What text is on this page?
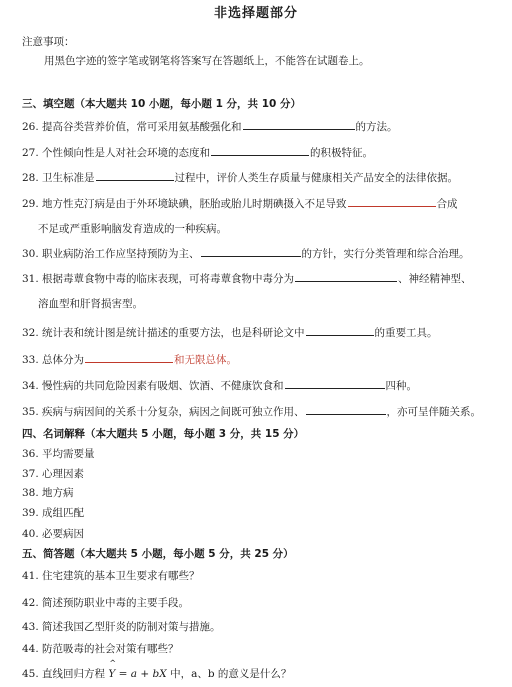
非选择题部分
注意事项：
用黑色字迹的签字笔或钢笔将答案写在答题纸上，不能答在试题卷上。
三、填空题（本大题共 10 小题，每小题 1 分，共 10 分）
26. 提高谷类营养价值，常可采用氨基酸强化和	的方法。
27. 个性倾向性是人对社会环境的态度和	的积极特征。
28. 卫生标准是	过程中，评价人类生存质量与健康相关产品安全的法律依据。
29. 地方性克汀病是由于外环境缺碘，胚胎或胎儿时期碘摄入不足导致	合成
不足或严重影响脑发育造成的一种疾病。
30. 职业病防治工作应坚持预防为主、	的方针，实行分类管理和综合治理。
31. 根据毒蕈食物中毒的临床表现，可将毒蕈食物中毒分为	、神经精神型、
溶血型和肝肾损害型。
32. 统计表和统计图是统计描述的重要方法，也是科研论文中	的重要工具。
33. 总体分为	和无限总体。
34. 慢性病的共同危险因素有吸烟、饮酒、不健康饮食和	四种。
35. 疾病与病因间的关系十分复杂，病因之间既可独立作用、	，亦可呈伴随关系。
四、名词解释（本大题共 5 小题，每小题 3 分，共 15 分）
36. 平均需要量
37. 心理因素
38. 地方病
39. 成组匹配
40. 必要病因
五、简答题（本大题共 5 小题，每小题 5 分，共 25 分）
41. 住宅建筑的基本卫生要求有哪些？
42. 简述预防职业中毒的主要手段。
43. 简述我国乙型肝炎的防制对策与措施。
44. 防范吸毒的社会对策有哪些？
45. 直线回归方程
^
Y = a + bX 中，a、b 的意义是什么？
